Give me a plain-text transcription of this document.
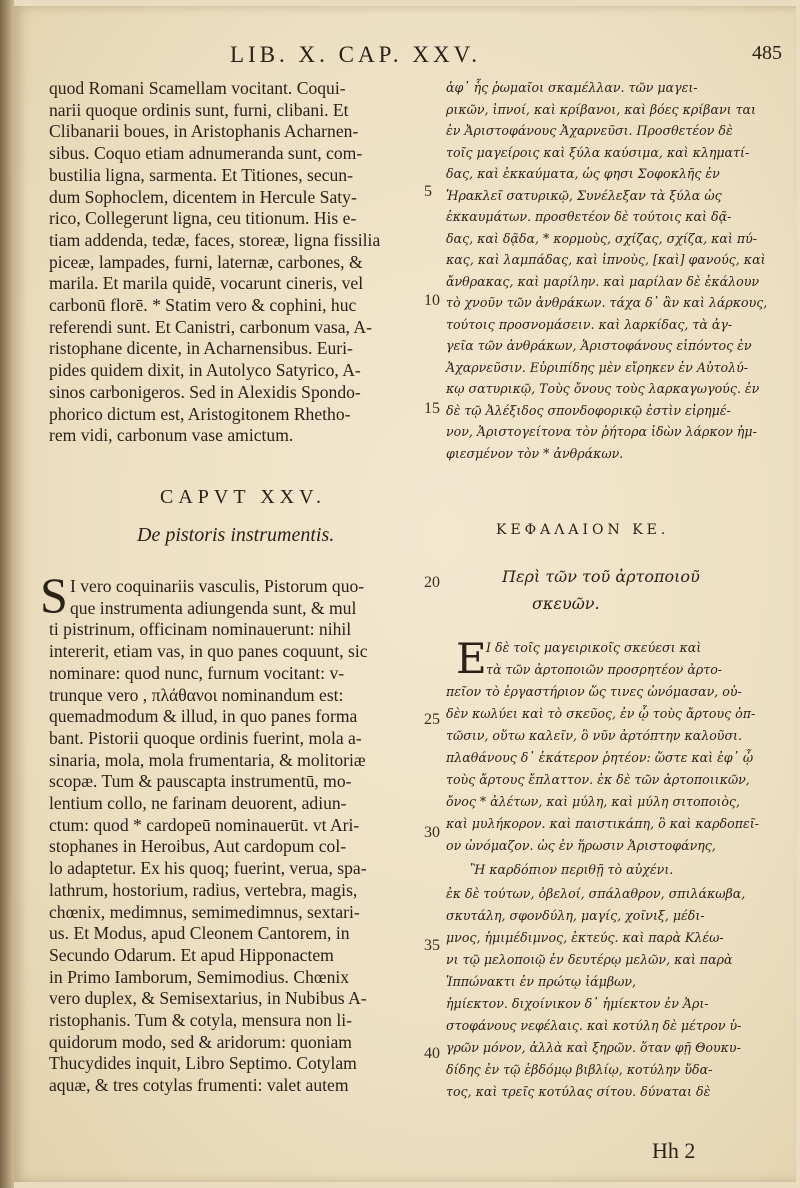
LIB. X. CAP. XXV.	485
quod Romani Scamellam vocitant. Coqui-
narii quoque ordinis sunt, furni, clibani. Et
Clibanarii boues, in Aristophanis Acharnen-
sibus. Coquo etiam adnumeranda sunt, com-
bustilia ligna, sarmenta. Et Titiones, secun-
dum Sophoclem, dicentem in Hercule Saty-
rico, Collegerunt ligna, ceu titionum. His e-
tiam addenda, tedæ, faces, storeæ, ligna fissilia
piceæ, lampades, furni, laternæ, carbones, &
marila. Et marila quidē, vocarunt cineris, vel
carbonū florē. * Statim vero & cophini, huc
referendi sunt. Et Canistri, carbonum vasa, A-
ristophane dicente, in Acharnensibus. Euri-
pides quidem dixit, in Autolyco Satyrico, A-
sinos carbonigeros. Sed in Alexidis Spondo-
phorico dictum est, Aristogitonem Rhetho-
rem vidi, carbonum vase amictum.
CAPVT XXV.
De pistoris instrumentis.
S I vero coquinariis vasculis, Pistorum quo-
que instrumenta adiungenda sunt, & mul
ti pistrinum, officinam nominauerunt: nihil
intererit, etiam vas, in quo panes coquunt, sic
nominare: quod nunc, furnum vocitant: v-
trunque vero , πλάθανοι nominandum est:
quemadmodum & illud, in quo panes forma
bant. Pistorii quoque ordinis fuerint, mola a-
sinaria, mola, mola frumentaria, & molitoriæ
scopæ. Tum & pauscapta instrumentū, mo-
lentium collo, ne farinam deuorent, adiun-
ctum: quod * cardopeū nominauerūt. vt Ari-
stophanes in Heroibus, Aut cardopum col-
lo adaptetur. Ex his quoq; fuerint, verua, spa-
lathrum, hostorium, radius, vertebra, magis,
chœnix, medimnus, semimedimnus, sextari-
us. Et Modus, apud Cleonem Cantorem, in
Secundo Odarum. Et apud Hipponactem
in Primo Iamborum, Semimodius. Chœnix
vero duplex, & Semisextarius, in Nubibus A-
ristophanis. Tum & cotyla, mensura non li-
quidorum modo, sed & aridorum: quoniam
Thucydides inquit, Libro Septimo. Cotylam
aquæ, & tres cotylas frumenti: valet autem
5
10
15
20
25
30
35
40
ἀφ᾽ ἧς ῥωμαῖοι σκαμέλλαν. τῶν μαγει-
ρικῶν, ἰπνοί, καὶ κρίβανοι, καὶ βόες κρίβανι ται
ἐν Ἀριστοφάνους Ἀχαρνεῦσι. Προσθετέον δὲ
τοῖς μαγείροις καὶ ξύλα καύσιμα, καὶ κληματί-
δας, καὶ ἐκκαύματα, ὡς φησι Σοφοκλῆς ἐν
Ἡρακλεῖ σατυρικῷ, Συνέλεξαν τὰ ξύλα ὡς
ἐκκαυμάτων. προσθετέον δὲ τούτοις καὶ δᾷ-
δας, καὶ δᾷδα, * κορμοὺς, σχίζας, σχίζα, καὶ πύ-
κας, καὶ λαμπάδας, καὶ ἰπνοὺς, [καὶ] φανούς, καὶ
ἄνθρακας, καὶ μαρίλην. καὶ μαρίλαν δὲ ἐκάλουν
τὸ χνοῦν τῶν ἀνθράκων. τάχα δ᾽ ἂν καὶ λάρκους,
τούτοις προσνομάσειν. καὶ λαρκίδας, τὰ ἀγ-
γεῖα τῶν ἀνθράκων, Ἀριστοφάνους εἰπόντος ἐν
Ἀχαρνεῦσιν. Εὐριπίδης μὲν εἴρηκεν ἐν Αὐτολύ-
κῳ σατυρικῷ, Τοὺς ὄνους τοὺς λαρκαγωγούς. ἐν
δὲ τῷ Ἀλέξιδος σπονδοφορικῷ ἐστὶν εἰρημέ-
νον, Ἀριστογείτονα τὸν ῥήτορα ἰδὼν λάρκον ἠμ-
φιεσμένον τὸν * ἀνθράκων.
ΚΕΦΑΛΑΙΟΝ ΚΕ.
Περὶ τῶν τοῦ ἀρτοποιοῦ
σκευῶν.
Ε Ι δὲ τοῖς μαγειρικοῖς σκεύεσι καὶ
τὰ τῶν ἀρτοποιῶν προσρητέον ἀρτο-
πεῖον τὸ ἐργαστήριον ὥς τινες ὠνόμασαν, οὐ-
δὲν κωλύει καὶ τὸ σκεῦος, ἐν ᾧ τοὺς ἄρτους ὀπ-
τῶσιν, οὕτω καλεῖν, ὃ νῦν ἀρτόπτην καλοῦσι.
πλαθάνους δ᾽ ἑκάτερον ῥητέον: ὥστε καὶ ἐφ᾽ ᾧ
τοὺς ἄρτους ἔπλαττον. ἐκ δὲ τῶν ἀρτοποιικῶν,
ὄνος * ἀλέτων, καὶ μύλη, καὶ μύλη σιτοποιὸς,
καὶ μυλήκορον. καὶ παιστικάπη, ὃ καὶ καρδοπεῖ-
ον ὠνόμαζον. ὡς ἐν ἥρωσιν Ἀριστοφάνης,
Ἢ καρδόπιον περιθῇ τὸ αὐχένι.
ἐκ δὲ τούτων, ὀβελοί, σπάλαθρον, σπιλάκωβα,
σκυτάλη, σφονδύλη, μαγίς, χοῖνιξ, μέδι-
μνος, ἡμιμέδιμνος, ἑκτεύς. καὶ παρὰ Κλέω-
νι τῷ μελοποιῷ ἐν δευτέρῳ μελῶν, καὶ παρὰ
Ἱππώνακτι ἐν πρώτῳ ἰάμβων,
ἡμίεκτον. διχοίνικον δ᾽ ἡμίεκτον ἐν Ἀρι-
στοφάνους νεφέλαις. καὶ κοτύλη δὲ μέτρον ὑ-
γρῶν μόνον, ἀλλὰ καὶ ξηρῶν. ὅταν φῇ Θουκυ-
δίδης ἐν τῷ ἑβδόμῳ βιβλίῳ, κοτύλην ὕδα-
τος, καὶ τρεῖς κοτύλας σίτου. δύναται δὲ
Hh 2
